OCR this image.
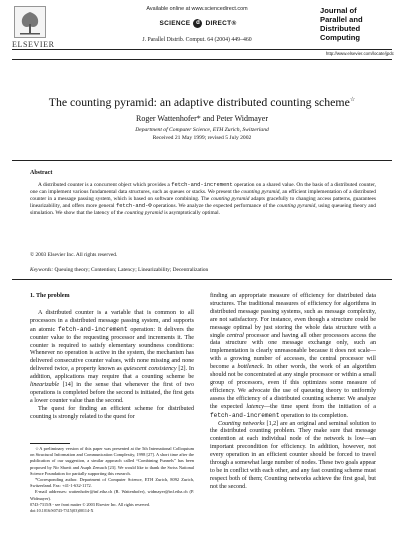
Available online at www.sciencedirect.com
SCIENCE d DIRECT®
J. Parallel Distrib. Comput. 64 (2004) 449–460
ELSEVIER
Journal of
Parallel and
Distributed
Computing
http://www.elsevier.com/locate/jpdc
The counting pyramid: an adaptive distributed counting scheme☆
Roger Wattenhofer* and Peter Widmayer
Department of Computer Science, ETH Zurich, Switzerland
Received 21 May 1999; revised 5 July 2002
Abstract

A distributed counter is a concurrent object which provides a fetch-and-increment operation on a shared value. On the basis of a distributed counter, one can implement various fundamental data structures, such as queues or stacks. We present the counting pyramid, an efficient implementation of a distributed counter in a message passing system, which is based on software combining. The counting pyramid adapts gracefully to changing access patterns, guarantees linearizability, and offers more general fetch-and-Φ operations. We analyze the expected performance of the counting pyramid, using queueing theory and simulation. We show that the latency of the counting pyramid is asymptotically optimal.

© 2003 Elsevier Inc. All rights reserved.
Keywords: Queuing theory; Contention; Latency; Linearizability; Decentralization
1. The problem

A distributed counter is a variable that is common to all processors in a distributed message passing system, and supports an atomic fetch-and-increment operation: It delivers the counter value to the requesting processor and increments it. The counter is required to satisfy elementary soundness conditions: Whenever no operation is active in the system, the mechanism has delivered consecutive counter values, with none missing and none delivered twice, a property known as quiescent consistency [2]. In addition, applications may require that a counting scheme be linearizable [14] in the sense that whenever the first of two operations is completed before the second is initiated, the first gets a lower counter value than the second.

The quest for finding an efficient scheme for distributed counting is strongly related to the quest for

finding an appropriate measure of efficiency for distributed data structures. The traditional measures of efficiency for algorithms in distributed message passing systems, such as message complexity, are not satisfactory. For instance, even though a structure could be message optimal by just storing the whole data structure with a single central processor and having all other processors access the data structure with one message exchange only, such an implementation is clearly unreasonable because it does not scale—with a growing number of accesses, the central processor will become a bottleneck. In other words, the work of an algorithm should not be concentrated at any single processor or within a small group of processors, even if this optimizes some measure of efficiency. We advocate the use of queueing theory to uniformly assess the efficiency of a distributed counting scheme: We analyze the expected latency—the time spent from the initiation of a fetch-and-increment operation to its completion.

Counting networks [1,2] are an original and seminal solution to the distributed counting problem. They make sure that message contention at each individual node of the network is low—an important precondition for efficiency. In addition, however, not every operation in an efficient counter should be forced to travel through a somewhat large number of nodes. These two goals appear to be in conflict with each other, and any fast counting scheme must respect both of them; Counting networks achieve the first goal, but not the second.

☆A preliminary version of this paper was presented at the 5th International Colloquium on Structural Information and Communication Complexity, 1998 [27]. A short time after the publication of our suggestion, a similar approach called “Combining Funnels” has been proposed by Nir Shavit and Asaph Zemach [23]. We would like to thank the Swiss National Science Foundation for partially supporting this research.

*Corresponding author. Department of Computer Science, ETH Zurich, 8092 Zurich, Switzerland. Fax: +41-1-632-1172.

E-mail addresses: wattenhofer@inf.ethz.ch (R. Wattenhofer), widmayer@inf.ethz.ch (P. Widmayer).

0743-7315/$ - see front matter © 2003 Elsevier Inc. All rights reserved.
doi:10.1016/S0743-7315(03)00114-X
